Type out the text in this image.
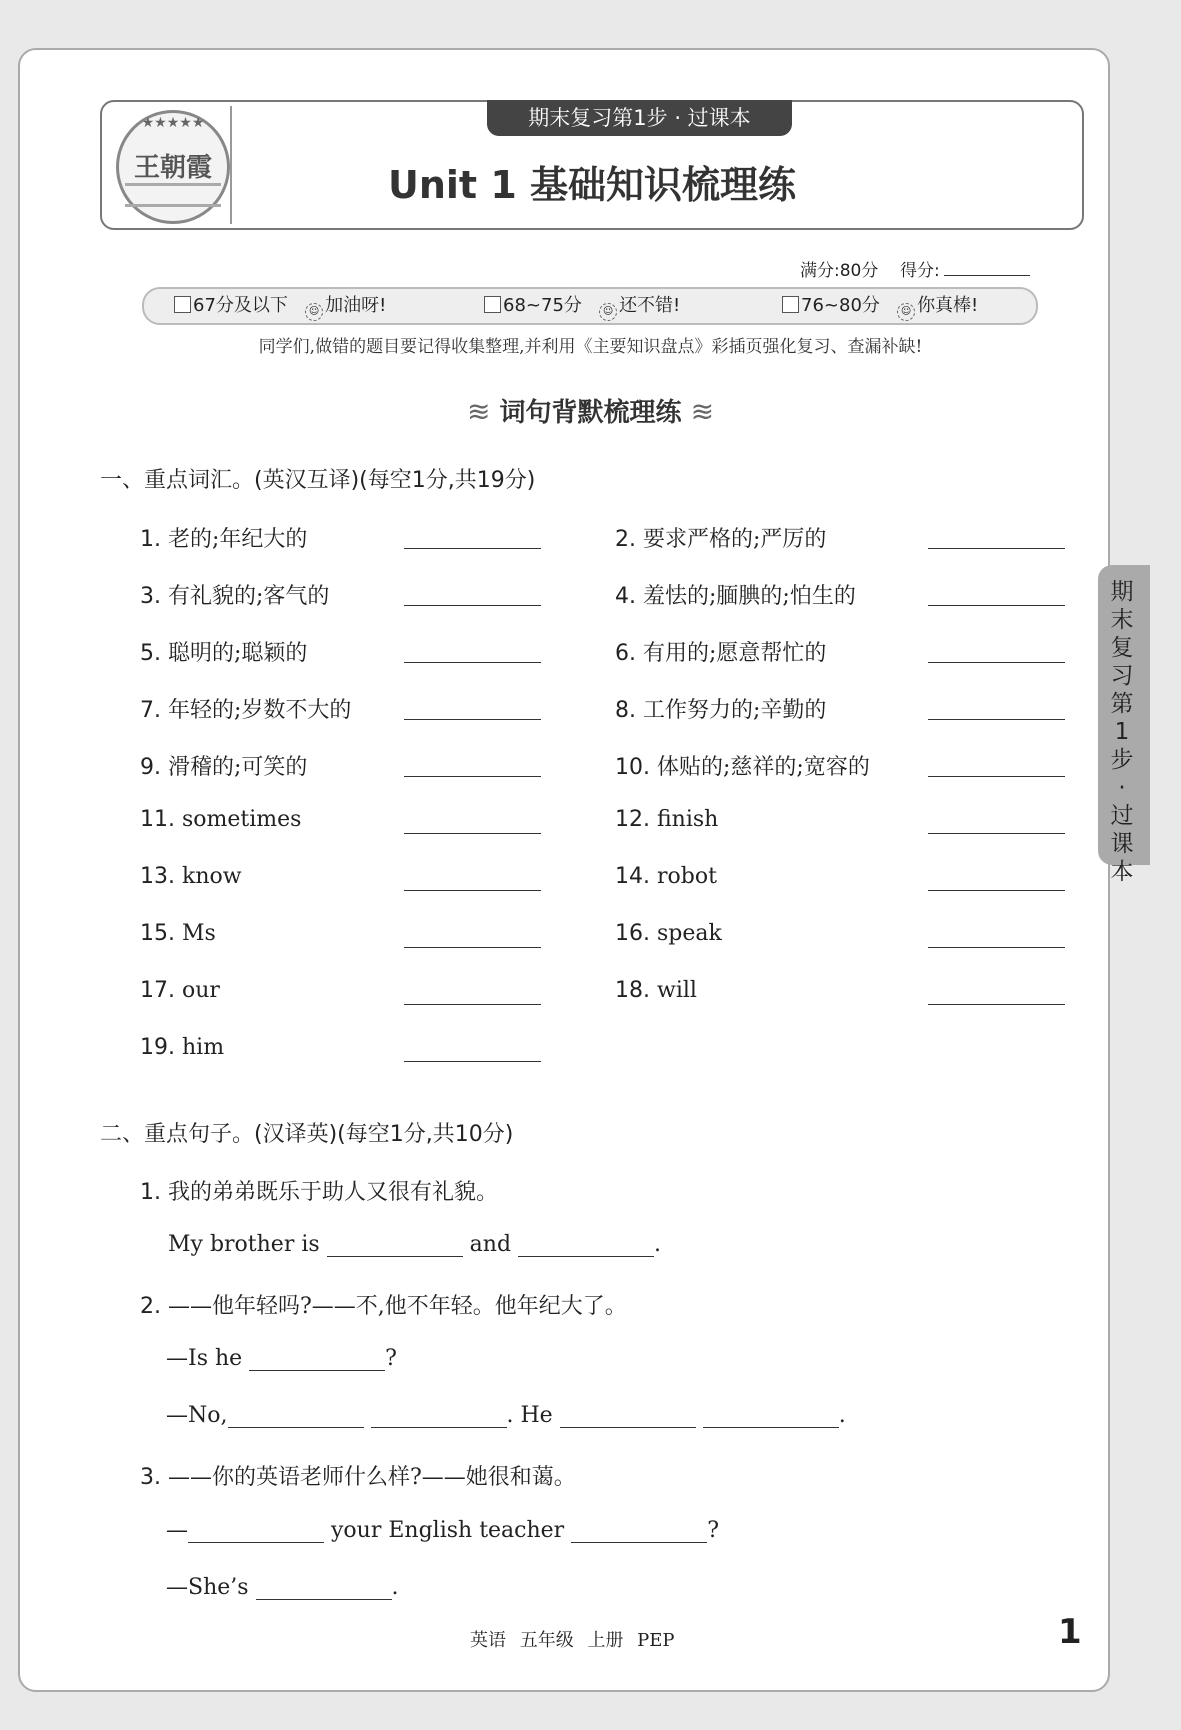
★★★★★
王朝霞
期末复习第1步 · 过课本
Unit 1 基础知识梳理练
满分:80分 得分:
67分及以下 ☺ 加油呀!	68~75分 ☺ 还不错!	76~80分 ☺ 你真棒!
同学们,做错的题目要记得收集整理,并利用《主要知识盘点》彩插页强化复习、查漏补缺!
≋ 词句背默梳理练 ≋
一、重点词汇。(英汉互译)(每空1分,共19分)
1. 老的;年纪大的	2. 要求严格的;严厉的
3. 有礼貌的;客气的	4. 羞怯的;腼腆的;怕生的
5. 聪明的;聪颖的	6. 有用的;愿意帮忙的
7. 年轻的;岁数不大的	8. 工作努力的;辛勤的
9. 滑稽的;可笑的	10. 体贴的;慈祥的;宽容的
11. sometimes	12. finish
13. know	14. robot
15. Ms	16. speak
17. our	18. will
19. him
二、重点句子。(汉译英)(每空1分,共10分)
1. 我的弟弟既乐于助人又很有礼貌。
My brother is	and	.
2. ——他年轻吗?——不,他不年轻。他年纪大了。
—Is he	?
—No,	. He	.
3. ——你的英语老师什么样?——她很和蔼。
—	your English teacher	?
—She’s	.
期末复习第1步·过课本
英语 五年级 上册 PEP	1
